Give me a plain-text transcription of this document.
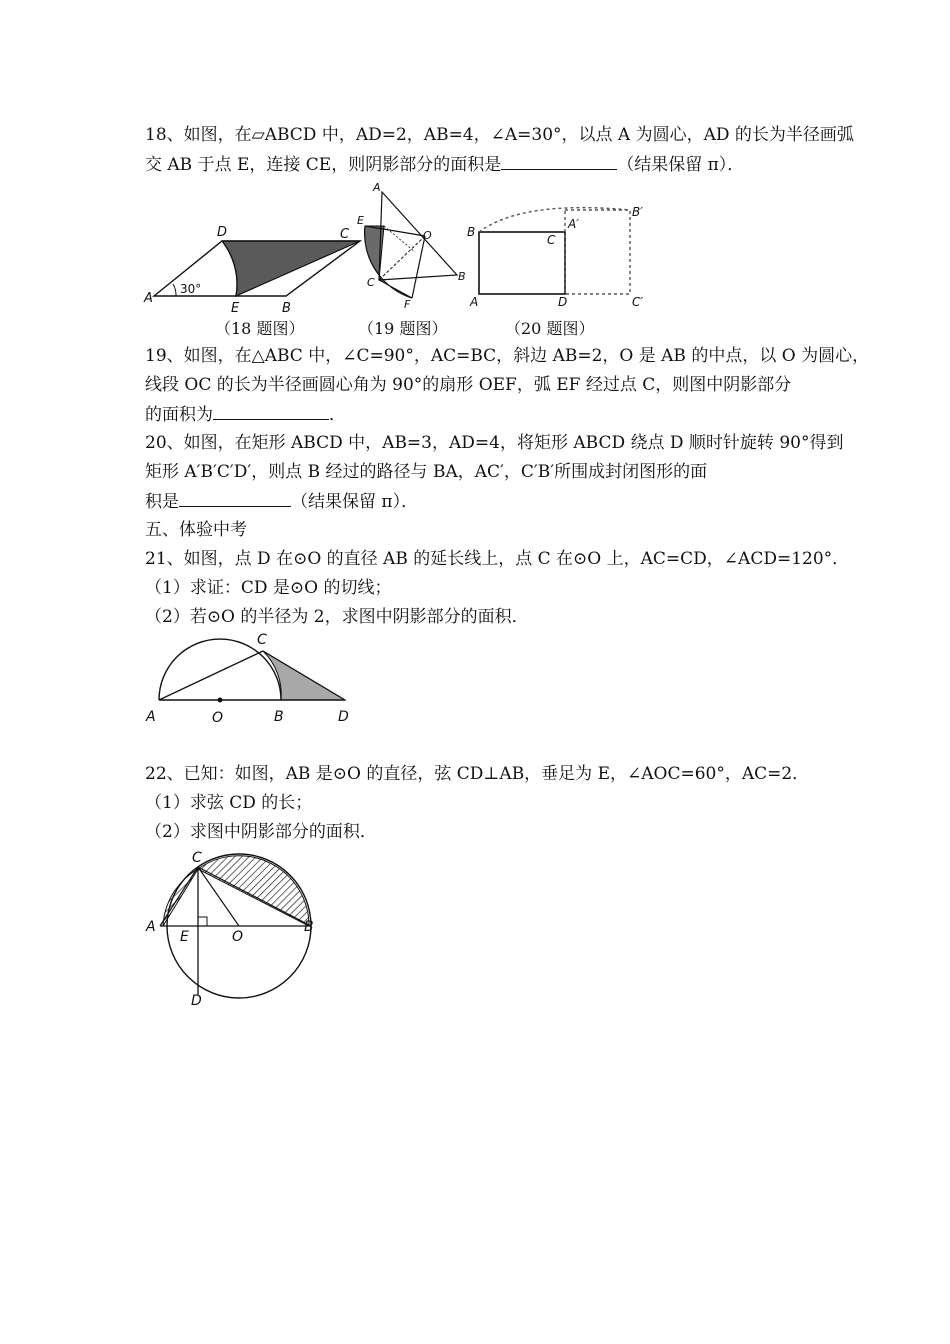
18、如图，在▱ABCD 中，AD=2，AB=4，∠A=30°，以点 A 为圆心，AD 的长为半径画弧
交 AB 于点 E，连接 CE，则阴影部分的面积是	（结果保留 π）．
A
B
C
D
E
30°
（18 题图）
A
E
O
B
C
F
（19 题图）
A
B
C
D
A′
B′
C′
（20 题图）
19、如图，在△ABC 中，∠C=90°，AC=BC，斜边 AB=2，O 是 AB 的中点，以 O 为圆心，
线段 OC 的长为半径画圆心角为 90°的扇形 OEF，弧 EF 经过点 C，则图中阴影部分
的面积为	．
20、如图，在矩形 ABCD 中，AB=3，AD=4，将矩形 ABCD 绕点 D 顺时针旋转 90°得到
矩形 A′B′C′D′，则点 B 经过的路径与 BA，AC′，C′B′所围成封闭图形的面
积是	（结果保留 π）．
五、体验中考
21、如图，点 D 在⊙O 的直径 AB 的延长线上，点 C 在⊙O 上，AC=CD，∠ACD=120°．
（1）求证：CD 是⊙O 的切线；
（2）若⊙O 的半径为 2，求图中阴影部分的面积．
A	O	B
C
D
22、已知：如图，AB 是⊙O 的直径，弦 CD⊥AB，垂足为 E，∠AOC=60°，AC=2．
（1）求弦 CD 的长；
（2）求图中阴影部分的面积．
C
A	B
E	O
D
